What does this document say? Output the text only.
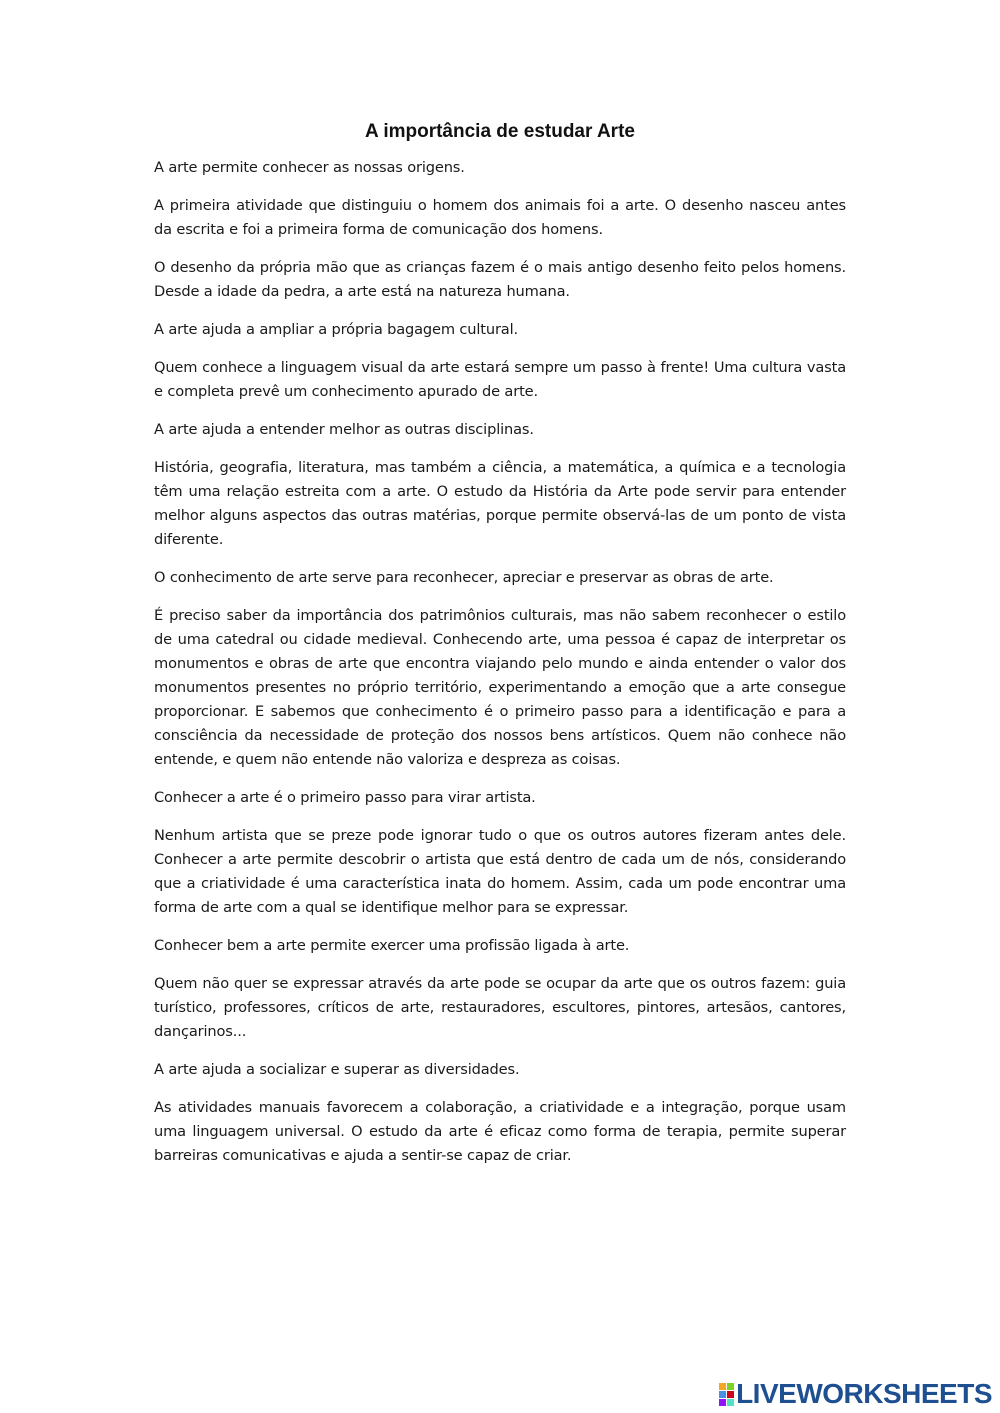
A importância de estudar Arte

A arte permite conhecer as nossas origens.

A primeira atividade que distinguiu o homem dos animais foi a arte. O desenho nasceu antes da escrita e foi a primeira forma de comunicação dos homens.

O desenho da própria mão que as crianças fazem é o mais antigo desenho feito pelos homens. Desde a idade da pedra, a arte está na natureza humana.

A arte ajuda a ampliar a própria bagagem cultural.

Quem conhece a linguagem visual da arte estará sempre um passo à frente! Uma cultura vasta e completa prevê um conhecimento apurado de arte.

A arte ajuda a entender melhor as outras disciplinas.

História, geografia, literatura, mas também a ciência, a matemática, a química e a tecnologia têm uma relação estreita com a arte. O estudo da História da Arte pode servir para entender melhor alguns aspectos das outras matérias, porque permite observá-las de um ponto de vista diferente.

O conhecimento de arte serve para reconhecer, apreciar e preservar as obras de arte.

É preciso saber da importância dos patrimônios culturais, mas não sabem reconhecer o estilo de uma catedral ou cidade medieval. Conhecendo arte, uma pessoa é capaz de interpretar os monumentos e obras de arte que encontra viajando pelo mundo e ainda entender o valor dos monumentos presentes no próprio território, experimentando a emoção que a arte consegue proporcionar. E sabemos que conhecimento é o primeiro passo para a identificação e para a consciência da necessidade de proteção dos nossos bens artísticos. Quem não conhece não entende, e quem não entende não valoriza e despreza as coisas.

Conhecer a arte é o primeiro passo para virar artista.

Nenhum artista que se preze pode ignorar tudo o que os outros autores fizeram antes dele. Conhecer a arte permite descobrir o artista que está dentro de cada um de nós, considerando que a criatividade é uma característica inata do homem. Assim, cada um pode encontrar uma forma de arte com a qual se identifique melhor para se expressar.

Conhecer bem a arte permite exercer uma profissão ligada à arte.

Quem não quer se expressar através da arte pode se ocupar da arte que os outros fazem: guia turístico, professores, críticos de arte, restauradores, escultores, pintores, artesãos, cantores, dançarinos...

A arte ajuda a socializar e superar as diversidades.

As atividades manuais favorecem a colaboração, a criatividade e a integração, porque usam uma linguagem universal. O estudo da arte é eficaz como forma de terapia, permite superar barreiras comunicativas e ajuda a sentir-se capaz de criar.

LIVEWORKSHEETS
